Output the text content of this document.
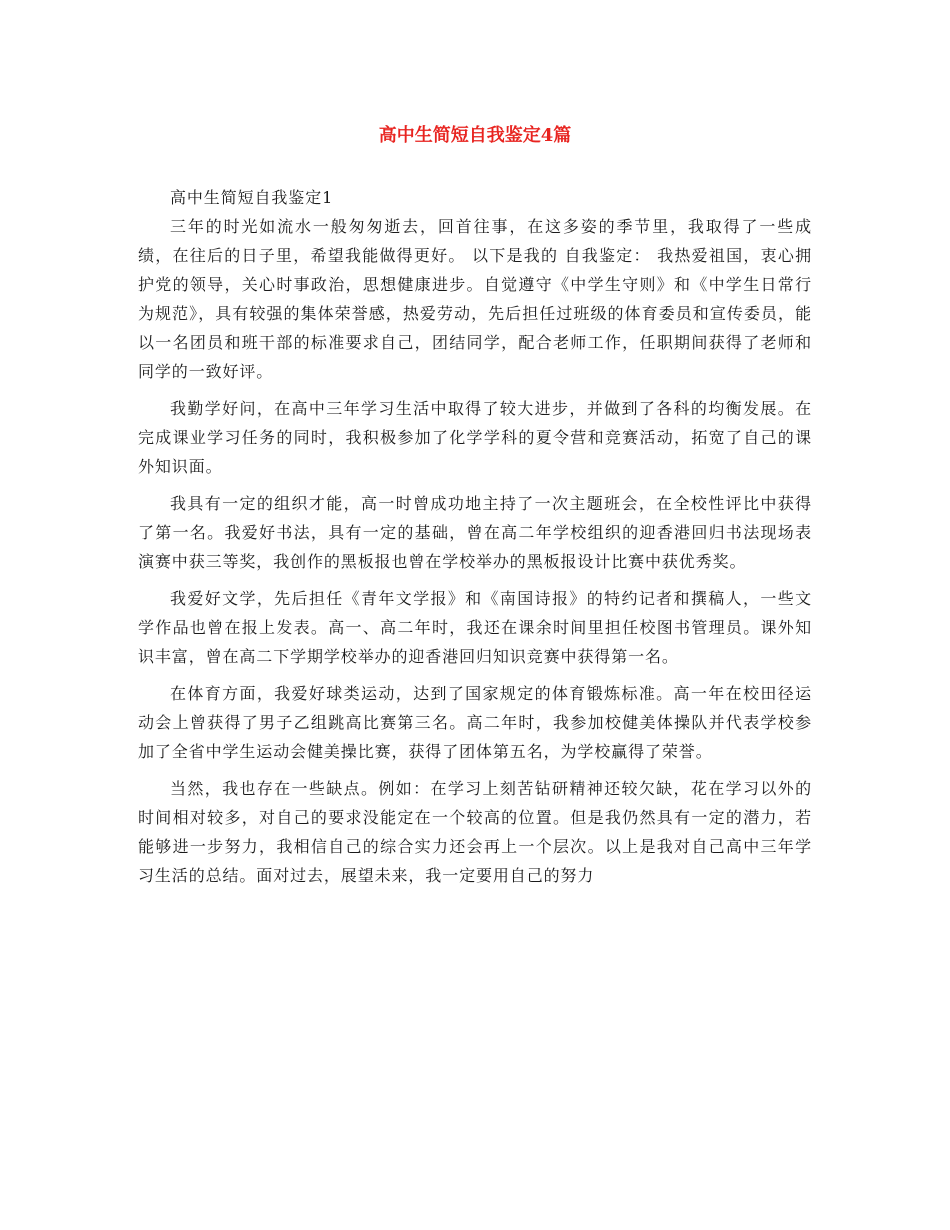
高中生简短自我鉴定4篇

高中生简短自我鉴定1

三年的时光如流水一般匆匆逝去，回首往事，在这多姿的季节里，我取得了一些成绩，在往后的日子里，希望我能做得更好。 以下是我的 自我鉴定： 我热爱祖国，衷心拥护党的领导，关心时事政治，思想健康进步。自觉遵守《中学生守则》和《中学生日常行为规范》，具有较强的集体荣誉感，热爱劳动，先后担任过班级的体育委员和宣传委员，能以一名团员和班干部的标准要求自己，团结同学，配合老师工作，任职期间获得了老师和同学的一致好评。

我勤学好问，在高中三年学习生活中取得了较大进步，并做到了各科的均衡发展。在完成课业学习任务的同时，我积极参加了化学学科的夏令营和竞赛活动，拓宽了自己的课外知识面。

我具有一定的组织才能，高一时曾成功地主持了一次主题班会，在全校性评比中获得了第一名。我爱好书法，具有一定的基础，曾在高二年学校组织的迎香港回归书法现场表演赛中获三等奖，我创作的黑板报也曾在学校举办的黑板报设计比赛中获优秀奖。

我爱好文学，先后担任《青年文学报》和《南国诗报》的特约记者和撰稿人，一些文学作品也曾在报上发表。高一、高二年时，我还在课余时间里担任校图书管理员。课外知识丰富，曾在高二下学期学校举办的迎香港回归知识竞赛中获得第一名。

在体育方面，我爱好球类运动，达到了国家规定的体育锻炼标准。高一年在校田径运动会上曾获得了男子乙组跳高比赛第三名。高二年时，我参加校健美体操队并代表学校参加了全省中学生运动会健美操比赛，获得了团体第五名，为学校赢得了荣誉。

当然，我也存在一些缺点。例如：在学习上刻苦钻研精神还较欠缺，花在学习以外的时间相对较多，对自己的要求没能定在一个较高的位置。但是我仍然具有一定的潜力，若能够进一步努力，我相信自己的综合实力还会再上一个层次。以上是我对自己高中三年学习生活的总结。面对过去，展望未来，我一定要用自己的努力
